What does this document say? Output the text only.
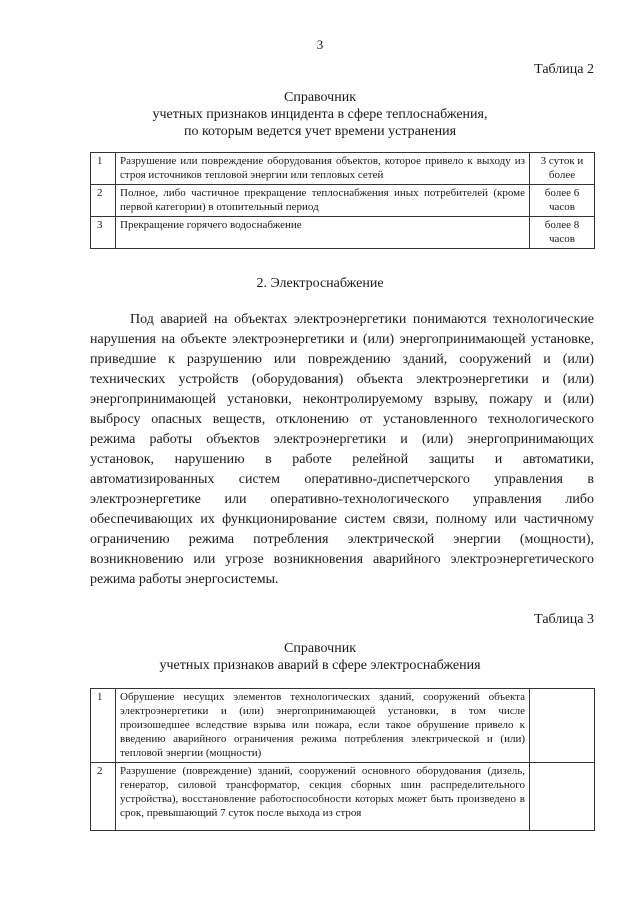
3
Таблица 2
Справочник
учетных признаков инцидента в сфере теплоснабжения,
по которым ведется учет времени устранения
1	Разрушение или повреждение оборудования объектов, которое привело к выходу из строя источников тепловой энергии или тепловых сетей	3 суток и более
2	Полное, либо частичное прекращение теплоснабжения иных потребителей (кроме первой категории) в отопительный период	более 6 часов
3	Прекращение горячего водоснабжение	более 8 часов
2. Электроснабжение

Под аварией на объектах электроэнергетики понимаются технологические нарушения на объекте электроэнергетики и (или) энергопринимающей установке, приведшие к разрушению или повреждению зданий, сооружений и (или) технических устройств (оборудования) объекта электроэнергетики и (или) энергопринимающей установки, неконтролируемому взрыву, пожару и (или) выбросу опасных веществ, отклонению от установленного технологического режима работы объектов электроэнергетики и (или) энергопринимающих установок, нарушению в работе релейной защиты и автоматики, автоматизированных систем оперативно-диспетчерского управления в электроэнергетике или оперативно-технологического управления либо обеспечивающих их функционирование систем связи, полному или частичному ограничению режима потребления электрической энергии (мощности), возникновению или угрозе возникновения аварийного электроэнергетического режима работы энергосистемы.

Таблица 3
Справочник
учетных признаков аварий в сфере электроснабжения
1	Обрушение несущих элементов технологических зданий, сооружений объекта электроэнергетики и (или) энергопринимающей установки, в том числе произошедшее вследствие взрыва или пожара, если такое обрушение привело к введению аварийного ограничения режима потребления электрической и (или) тепловой энергии (мощности)	
2	Разрушение (повреждение) зданий, сооружений основного оборудования (дизель, генератор, силовой трансформатор, секция сборных шин распределительного устройства), восстановление работоспособности которых может быть произведено в срок, превышающий 7 суток после выхода из строя	
